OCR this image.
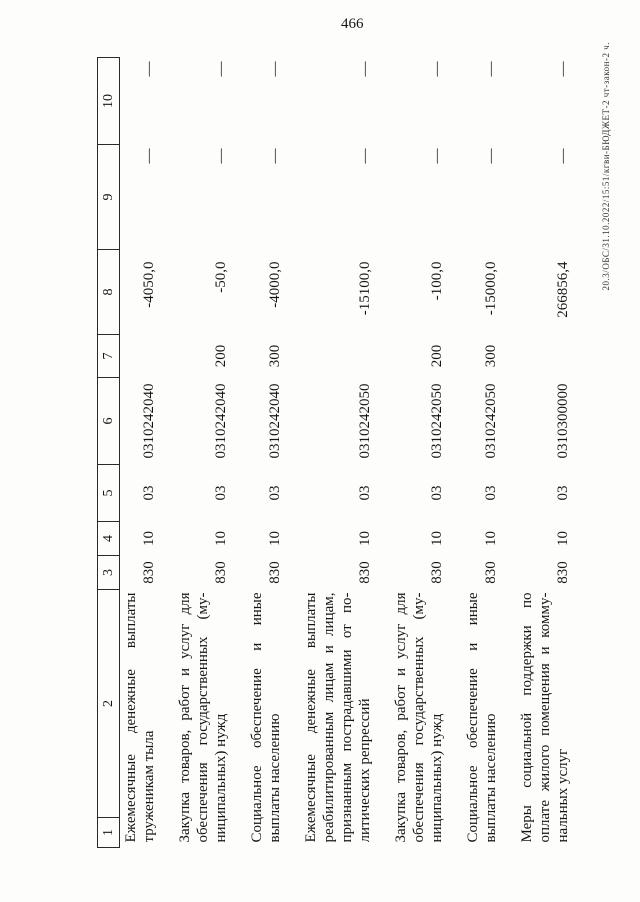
466
1	2	3	4	5	6	7	8	9	10

Ежемесячные денежные выплаты труженикам тыла		830	10	03	0310242040		-4050,0	—	—

Закупка товаров, работ и услуг для обеспечения государственных (му- ниципальных) нужд		830	10	03	0310242040	200	-50,0	—	—

Социальное обеспечение и иные выплаты населению		830	10	03	0310242040	300	-4000,0	—	—

Ежемесячные денежные выплаты реабилитированным лицам и лицам, признанным пострадавшими от по- литических репрессий		830	10	03	0310242050		-15100,0	—	—

Закупка товаров, работ и услуг для обеспечения государственных (му- ниципальных) нужд		830	10	03	0310242050	200	-100,0	—	—

Социальное обеспечение и иные выплаты населению		830	10	03	0310242050	300	-15000,0	—	—

Меры социальной поддержки по оплате жилого помещения и комму- нальных услуг		830	10	03	0310300000		266856,4	—	—	20.3/ОБС/31.10.2022/15:51/кгви-БЮДЖЕТ-2 чт-закон-2 ч.
